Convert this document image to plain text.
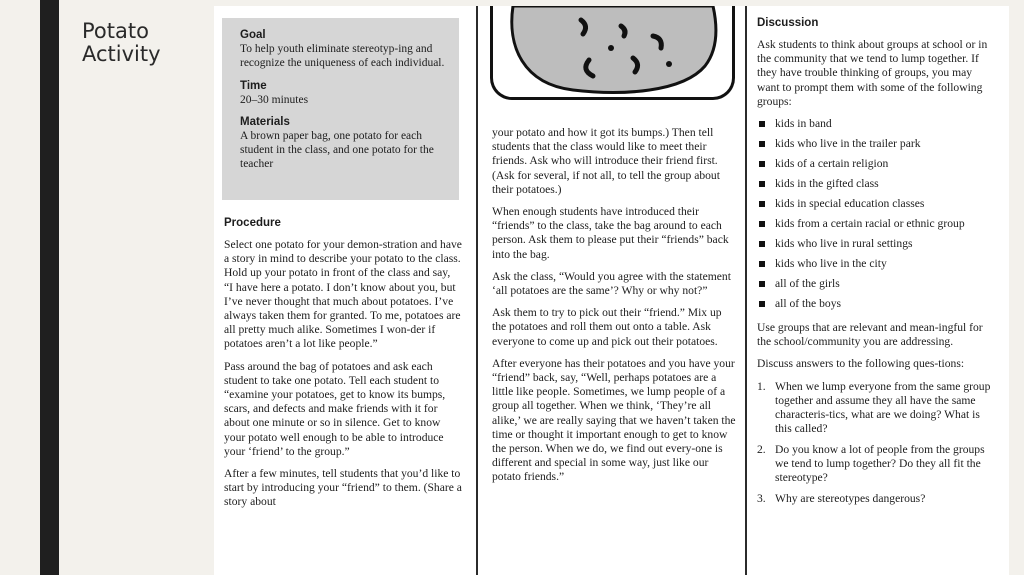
Potato
Activity
Goal

To help youth eliminate stereotyp-ing and recognize the uniqueness of each individual.

Time

20–30 minutes

Materials

A brown paper bag, one potato for each student in the class, and one potato for the teacher

Procedure

Select one potato for your demon-stration and have a story in mind to describe your potato to the class. Hold up your potato in front of the class and say, “I have here a potato. I don’t know about you, but I’ve never thought that much about potatoes. I’ve always taken them for granted. To me, potatoes are all pretty much alike. Sometimes I won-der if potatoes aren’t a lot like people.”

Pass around the bag of potatoes and ask each student to take one potato. Tell each student to “examine your potatoes, get to know its bumps, scars, and defects and make friends with it for about one minute or so in silence. Get to know your potato well enough to be able to introduce your ‘friend’ to the group.”

After a few minutes, tell students that you’d like to start by introducing your “friend” to them. (Share a story about

your potato and how it got its bumps.) Then tell students that the class would like to meet their friends. Ask who will introduce their friend first. (Ask for several, if not all, to tell the group about their potatoes.)

When enough students have introduced their “friends” to the class, take the bag around to each person. Ask them to please put their “friends” back into the bag.

Ask the class, “Would you agree with the statement ‘all potatoes are the same’? Why or why not?”

Ask them to try to pick out their “friend.” Mix up the potatoes and roll them out onto a table. Ask everyone to come up and pick out their potatoes.

After everyone has their potatoes and you have your “friend” back, say, “Well, perhaps potatoes are a little like people. Sometimes, we lump people of a group all together. When we think, ‘They’re all alike,’ we are really saying that we haven’t taken the time or thought it important enough to get to know the person. When we do, we find out every-one is different and special in some way, just like our potato friends.”

Discussion

Ask students to think about groups at school or in the community that we tend to lump together. If they have trouble thinking of groups, you may want to prompt them with some of the following groups:

kids in band
kids who live in the trailer park
kids of a certain religion
kids in the gifted class
kids in special education classes
kids from a certain racial or ethnic group
kids who live in rural settings
kids who live in the city
all of the girls
all of the boys

Use groups that are relevant and mean-ingful for the school/community you are addressing.

Discuss answers to the following ques-tions:

1. When we lump everyone from the same group together and assume they all have the same characteris-tics, what are we doing? What is this called?
2. Do you know a lot of people from the groups we tend to lump together? Do they all fit the stereotype?
3. Why are stereotypes dangerous?
